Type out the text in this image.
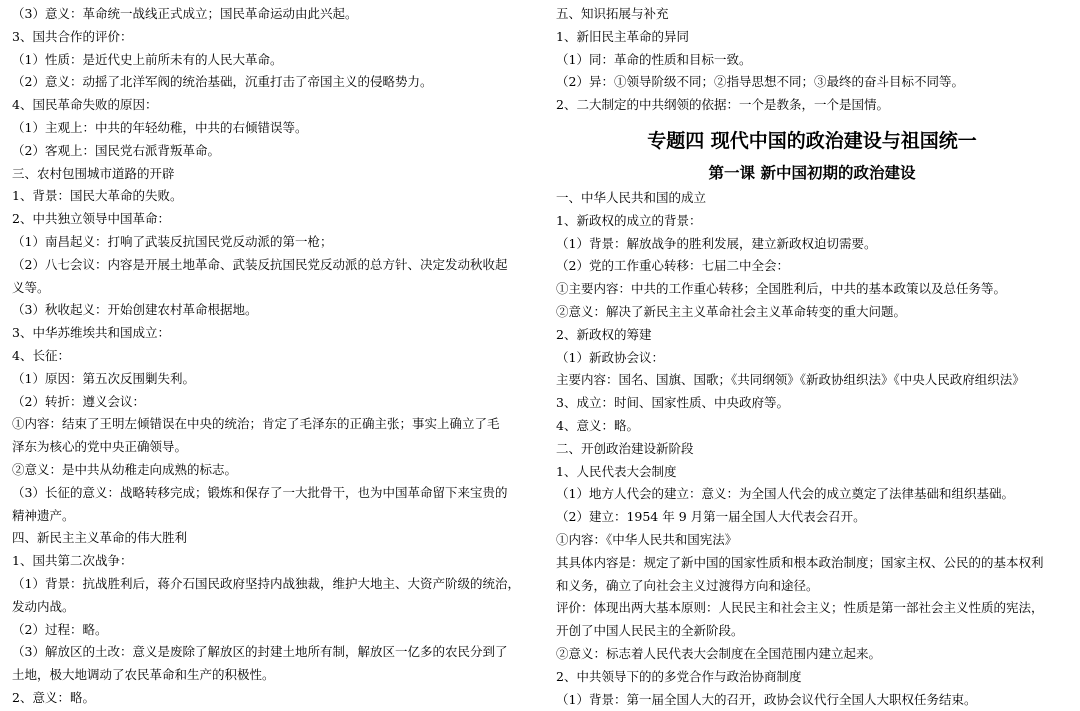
（3）意义：革命统一战线正式成立；国民革命运动由此兴起。
3、国共合作的评价：
（1）性质：是近代史上前所未有的人民大革命。
（2）意义：动摇了北洋军阀的统治基础，沉重打击了帝国主义的侵略势力。
4、国民革命失败的原因：
（1）主观上：中共的年轻幼稚，中共的右倾错误等。
（2）客观上：国民党右派背叛革命。
三、农村包围城市道路的开辟
1、背景：国民大革命的失败。
2、中共独立领导中国革命：
（1）南昌起义：打响了武装反抗国民党反动派的第一枪；
（2）八七会议：内容是开展土地革命、武装反抗国民党反动派的总方针、决定发动秋收起
义等。
（3）秋收起义：开始创建农村革命根据地。
3、中华苏维埃共和国成立：
4、长征：
（1）原因：第五次反围剿失利。
（2）转折：遵义会议：
①内容：结束了王明左倾错误在中央的统治；肯定了毛泽东的正确主张；事实上确立了毛
泽东为核心的党中央正确领导。
②意义：是中共从幼稚走向成熟的标志。
（3）长征的意义：战略转移完成；锻炼和保存了一大批骨干，也为中国革命留下来宝贵的
精神遗产。
四、新民主主义革命的伟大胜利
1、国共第二次战争：
（1）背景：抗战胜利后，蒋介石国民政府坚持内战独裁，维护大地主、大资产阶级的统治，
发动内战。
（2）过程：略。
（3）解放区的土改：意义是废除了解放区的封建土地所有制，解放区一亿多的农民分到了
土地，极大地调动了农民革命和生产的积极性。
2、意义：略。
五、知识拓展与补充
1、新旧民主革命的异同
（1）同：革命的性质和目标一致。
（2）异：①领导阶级不同；②指导思想不同；③最终的奋斗目标不同等。
2、二大制定的中共纲领的依据：一个是教条，一个是国情。
专题四 现代中国的政治建设与祖国统一
第一课 新中国初期的政治建设
一、中华人民共和国的成立
1、新政权的成立的背景：
（1）背景：解放战争的胜利发展，建立新政权迫切需要。
（2）党的工作重心转移：七届二中全会：
①主要内容：中共的工作重心转移；全国胜利后，中共的基本政策以及总任务等。
②意义：解决了新民主主义革命社会主义革命转变的重大问题。
2、新政权的筹建
（1）新政协会议：
主要内容：国名、国旗、国歌；《共同纲领》《新政协组织法》《中央人民政府组织法》
3、成立：时间、国家性质、中央政府等。
4、意义：略。
二、开创政治建设新阶段
1、人民代表大会制度
（1）地方人代会的建立：意义：为全国人代会的成立奠定了法律基础和组织基础。
（2）建立：1954 年 9 月第一届全国人大代表会召开。
①内容：《中华人民共和国宪法》
其具体内容是：规定了新中国的国家性质和根本政治制度；国家主权、公民的的基本权利
和义务，确立了向社会主义过渡得方向和途径。
评价：体现出两大基本原则：人民民主和社会主义；性质是第一部社会主义性质的宪法，
开创了中国人民民主的全新阶段。
②意义：标志着人民代表大会制度在全国范围内建立起来。
2、中共领导下的的多党合作与政治协商制度
（1）背景：第一届全国人大的召开，政协会议代行全国人大职权任务结束。
